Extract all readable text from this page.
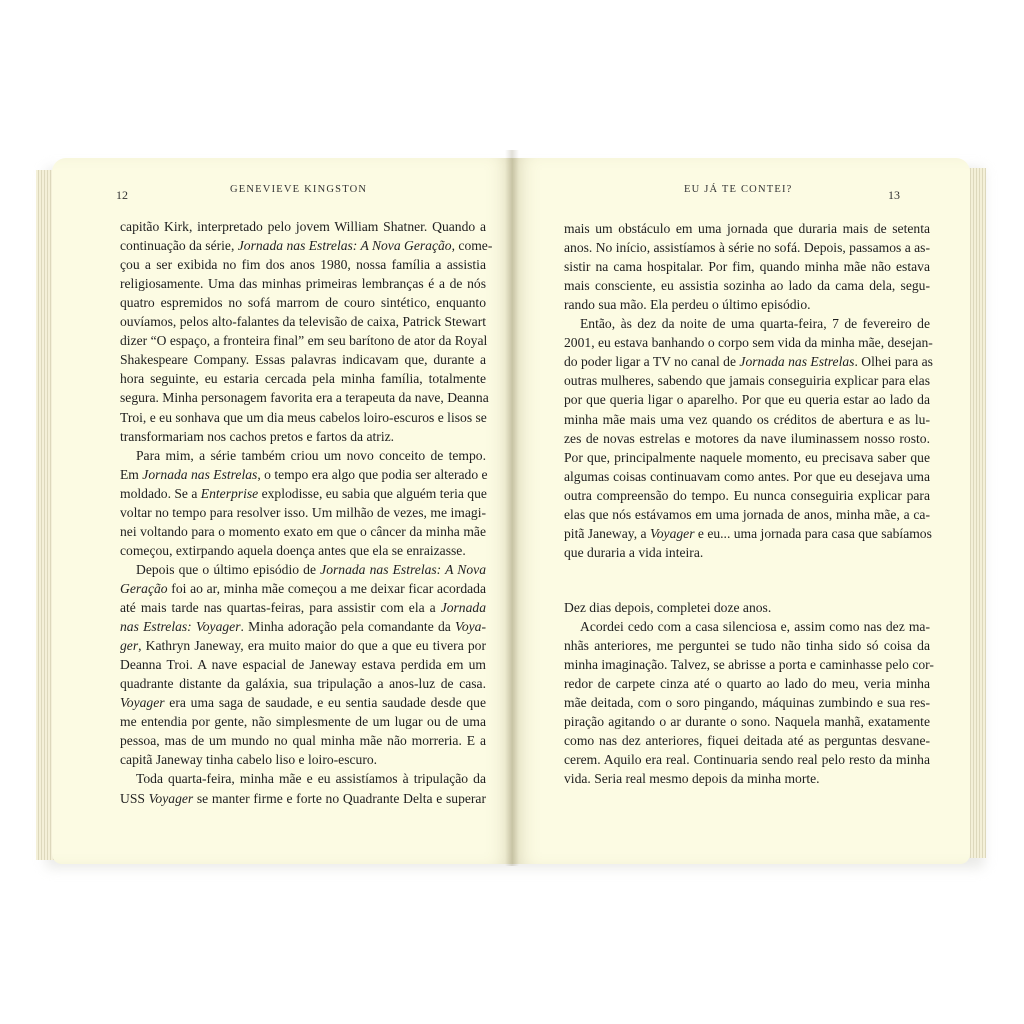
12	GENEVIEVE KINGSTON
capitão Kirk, interpretado pelo jovem William Shatner. Quando a
continuação da série, Jornada nas Estrelas: A Nova Geração, come-
çou a ser exibida no fim dos anos 1980, nossa família a assistia
religiosamente. Uma das minhas primeiras lembranças é a de nós
quatro espremidos no sofá marrom de couro sintético, enquanto
ouvíamos, pelos alto-falantes da televisão de caixa, Patrick Stewart
dizer “O espaço, a fronteira final” em seu barítono de ator da Royal
Shakespeare Company. Essas palavras indicavam que, durante a
hora seguinte, eu estaria cercada pela minha família, totalmente
segura. Minha personagem favorita era a terapeuta da nave, Deanna
Troi, e eu sonhava que um dia meus cabelos loiro-escuros e lisos se
transformariam nos cachos pretos e fartos da atriz.
Para mim, a série também criou um novo conceito de tempo.
Em Jornada nas Estrelas, o tempo era algo que podia ser alterado e
moldado. Se a Enterprise explodisse, eu sabia que alguém teria que
voltar no tempo para resolver isso. Um milhão de vezes, me imagi-
nei voltando para o momento exato em que o câncer da minha mãe
começou, extirpando aquela doença antes que ela se enraizasse.
Depois que o último episódio de Jornada nas Estrelas: A Nova
Geração foi ao ar, minha mãe começou a me deixar ficar acordada
até mais tarde nas quartas-feiras, para assistir com ela a Jornada
nas Estrelas: Voyager. Minha adoração pela comandante da Voya-
ger, Kathryn Janeway, era muito maior do que a que eu tivera por
Deanna Troi. A nave espacial de Janeway estava perdida em um
quadrante distante da galáxia, sua tripulação a anos-luz de casa.
Voyager era uma saga de saudade, e eu sentia saudade desde que
me entendia por gente, não simplesmente de um lugar ou de uma
pessoa, mas de um mundo no qual minha mãe não morreria. E a
capitã Janeway tinha cabelo liso e loiro-escuro.
Toda quarta-feira, minha mãe e eu assistíamos à tripulação da
USS Voyager se manter firme e forte no Quadrante Delta e superar
EU JÁ TE CONTEI?	13
mais um obstáculo em uma jornada que duraria mais de setenta
anos. No início, assistíamos à série no sofá. Depois, passamos a as-
sistir na cama hospitalar. Por fim, quando minha mãe não estava
mais consciente, eu assistia sozinha ao lado da cama dela, segu-
rando sua mão. Ela perdeu o último episódio.
Então, às dez da noite de uma quarta-feira, 7 de fevereiro de
2001, eu estava banhando o corpo sem vida da minha mãe, desejan-
do poder ligar a TV no canal de Jornada nas Estrelas. Olhei para as
outras mulheres, sabendo que jamais conseguiria explicar para elas
por que queria ligar o aparelho. Por que eu queria estar ao lado da
minha mãe mais uma vez quando os créditos de abertura e as lu-
zes de novas estrelas e motores da nave iluminassem nosso rosto.
Por que, principalmente naquele momento, eu precisava saber que
algumas coisas continuavam como antes. Por que eu desejava uma
outra compreensão do tempo. Eu nunca conseguiria explicar para
elas que nós estávamos em uma jornada de anos, minha mãe, a ca-
pitã Janeway, a Voyager e eu... uma jornada para casa que sabíamos
que duraria a vida inteira.
Dez dias depois, completei doze anos.
Acordei cedo com a casa silenciosa e, assim como nas dez ma-
nhãs anteriores, me perguntei se tudo não tinha sido só coisa da
minha imaginação. Talvez, se abrisse a porta e caminhasse pelo cor-
redor de carpete cinza até o quarto ao lado do meu, veria minha
mãe deitada, com o soro pingando, máquinas zumbindo e sua res-
piração agitando o ar durante o sono. Naquela manhã, exatamente
como nas dez anteriores, fiquei deitada até as perguntas desvane-
cerem. Aquilo era real. Continuaria sendo real pelo resto da minha
vida. Seria real mesmo depois da minha morte.
